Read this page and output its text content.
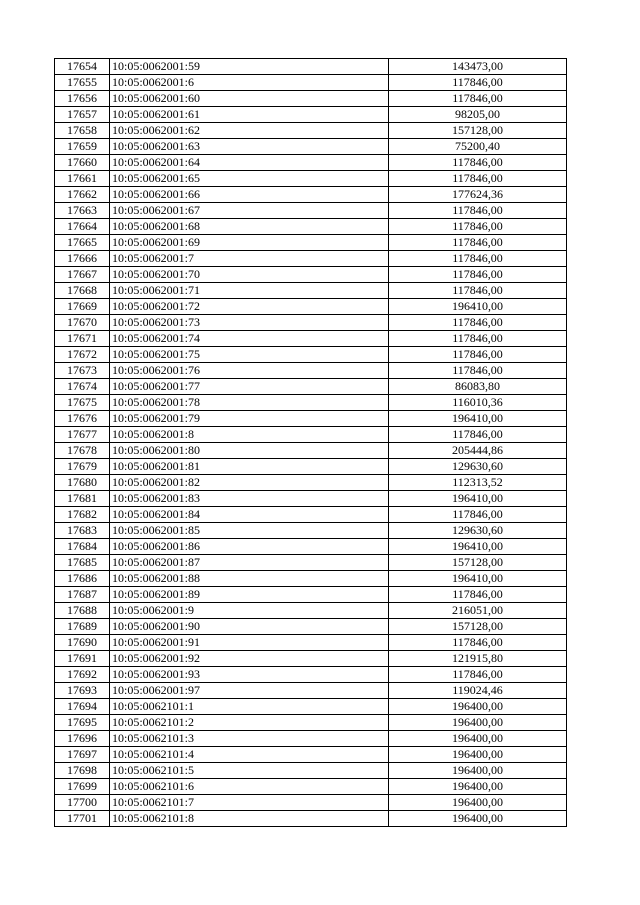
17654	10:05:0062001:59	143473,00
17655	10:05:0062001:6	117846,00
17656	10:05:0062001:60	117846,00
17657	10:05:0062001:61	98205,00
17658	10:05:0062001:62	157128,00
17659	10:05:0062001:63	75200,40
17660	10:05:0062001:64	117846,00
17661	10:05:0062001:65	117846,00
17662	10:05:0062001:66	177624,36
17663	10:05:0062001:67	117846,00
17664	10:05:0062001:68	117846,00
17665	10:05:0062001:69	117846,00
17666	10:05:0062001:7	117846,00
17667	10:05:0062001:70	117846,00
17668	10:05:0062001:71	117846,00
17669	10:05:0062001:72	196410,00
17670	10:05:0062001:73	117846,00
17671	10:05:0062001:74	117846,00
17672	10:05:0062001:75	117846,00
17673	10:05:0062001:76	117846,00
17674	10:05:0062001:77	86083,80
17675	10:05:0062001:78	116010,36
17676	10:05:0062001:79	196410,00
17677	10:05:0062001:8	117846,00
17678	10:05:0062001:80	205444,86
17679	10:05:0062001:81	129630,60
17680	10:05:0062001:82	112313,52
17681	10:05:0062001:83	196410,00
17682	10:05:0062001:84	117846,00
17683	10:05:0062001:85	129630,60
17684	10:05:0062001:86	196410,00
17685	10:05:0062001:87	157128,00
17686	10:05:0062001:88	196410,00
17687	10:05:0062001:89	117846,00
17688	10:05:0062001:9	216051,00
17689	10:05:0062001:90	157128,00
17690	10:05:0062001:91	117846,00
17691	10:05:0062001:92	121915,80
17692	10:05:0062001:93	117846,00
17693	10:05:0062001:97	119024,46
17694	10:05:0062101:1	196400,00
17695	10:05:0062101:2	196400,00
17696	10:05:0062101:3	196400,00
17697	10:05:0062101:4	196400,00
17698	10:05:0062101:5	196400,00
17699	10:05:0062101:6	196400,00
17700	10:05:0062101:7	196400,00
17701	10:05:0062101:8	196400,00
